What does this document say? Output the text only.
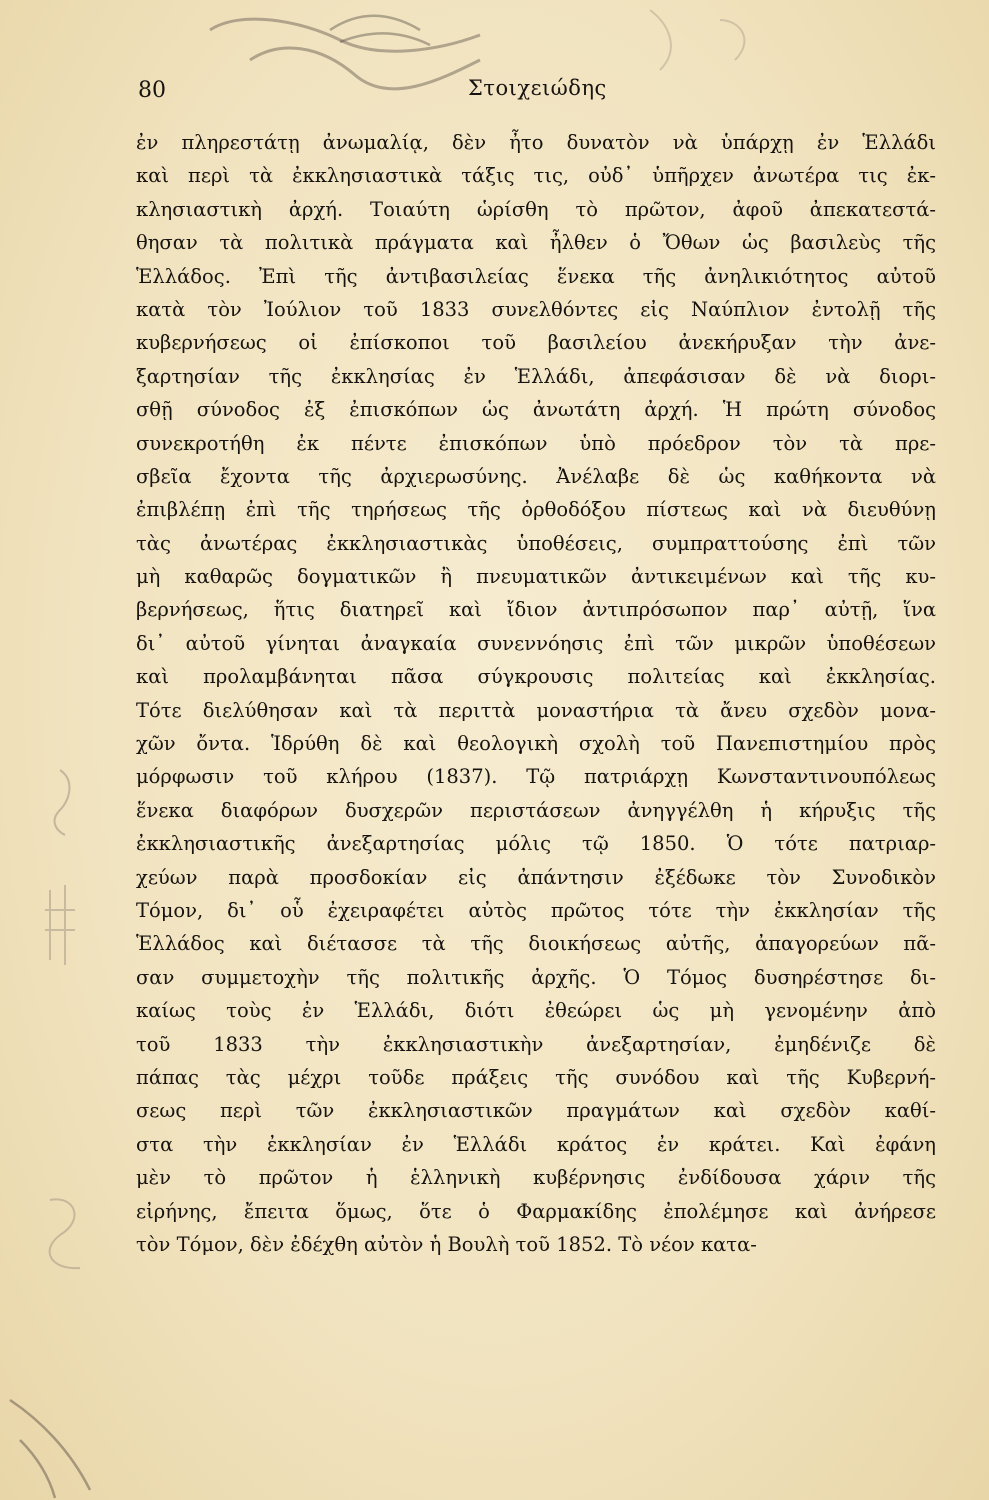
80	Στοιχειώδης
ἐν πληρεστάτῃ ἀνωμαλίᾳ, δὲν ἦτο δυνατὸν νὰ ὑπάρχῃ ἐν Ἑλλάδι
καὶ περὶ τὰ ἐκκλησιαστικὰ τάξις τις, οὐδ᾽ ὑπῆρχεν ἀνωτέρα τις ἐκ-
κλησιαστικὴ ἀρχή. Τοιαύτη ὡρίσθη τὸ πρῶτον, ἀφοῦ ἀπεκατεστά-
θησαν τὰ πολιτικὰ πράγματα καὶ ἦλθεν ὁ Ὄθων ὡς βασιλεὺς τῆς
Ἑλλάδος. Ἐπὶ τῆς ἀντιβασιλείας ἕνεκα τῆς ἀνηλικιότητος αὐτοῦ
κατὰ τὸν Ἰούλιον τοῦ 1833 συνελθόντες εἰς Ναύπλιον ἐντολῇ τῆς
κυβερνήσεως οἱ ἐπίσκοποι τοῦ βασιλείου ἀνεκήρυξαν τὴν ἀνε-
ξαρτησίαν τῆς ἐκκλησίας ἐν Ἑλλάδι, ἀπεφάσισαν δὲ νὰ διορι-
σθῇ σύνοδος ἐξ ἐπισκόπων ὡς ἀνωτάτη ἀρχή. Ἡ πρώτη σύνοδος
συνεκροτήθη ἐκ πέντε ἐπισκόπων ὑπὸ πρόεδρον τὸν τὰ πρε-
σβεῖα ἔχοντα τῆς ἀρχιερωσύνης. Ἀνέλαβε δὲ ὡς καθήκοντα νὰ
ἐπιβλέπῃ ἐπὶ τῆς τηρήσεως τῆς ὀρθοδόξου πίστεως καὶ νὰ διευθύνῃ
τὰς ἀνωτέρας ἐκκλησιαστικὰς ὑποθέσεις, συμπραττούσης ἐπὶ τῶν
μὴ καθαρῶς δογματικῶν ἢ πνευματικῶν ἀντικειμένων καὶ τῆς κυ-
βερνήσεως, ἥτις διατηρεῖ καὶ ἴδιον ἀντιπρόσωπον παρ᾽ αὐτῇ, ἵνα
δι᾽ αὐτοῦ γίνηται ἀναγκαία συνεννόησις ἐπὶ τῶν μικρῶν ὑποθέσεων
καὶ προλαμβάνηται πᾶσα σύγκρουσις πολιτείας καὶ ἐκκλησίας.
Τότε διελύθησαν καὶ τὰ περιττὰ μοναστήρια τὰ ἄνευ σχεδὸν μονα-
χῶν ὄντα. Ἱδρύθη δὲ καὶ θεολογικὴ σχολὴ τοῦ Πανεπιστημίου πρὸς
μόρφωσιν τοῦ κλήρου (1837). Τῷ πατριάρχῃ Κωνσταντινουπόλεως
ἕνεκα διαφόρων δυσχερῶν περιστάσεων ἀνηγγέλθη ἡ κήρυξις τῆς
ἐκκλησιαστικῆς ἀνεξαρτησίας μόλις τῷ 1850. Ὁ τότε πατριαρ-
χεύων παρὰ προσδοκίαν εἰς ἀπάντησιν ἐξέδωκε τὸν Συνοδικὸν
Τόμον, δι᾽ οὗ ἐχειραφέτει αὐτὸς πρῶτος τότε τὴν ἐκκλησίαν τῆς
Ἑλλάδος καὶ διέτασσε τὰ τῆς διοικήσεως αὐτῆς, ἀπαγορεύων πᾶ-
σαν συμμετοχὴν τῆς πολιτικῆς ἀρχῆς. Ὁ Τόμος δυσηρέστησε δι-
καίως τοὺς ἐν Ἑλλάδι, διότι ἐθεώρει ὡς μὴ γενομένην ἀπὸ
τοῦ 1833 τὴν ἐκκλησιαστικὴν ἀνεξαρτησίαν, ἐμηδένιζε δὲ
πάπας τὰς μέχρι τοῦδε πράξεις τῆς συνόδου καὶ τῆς Κυβερνή-
σεως περὶ τῶν ἐκκλησιαστικῶν πραγμάτων καὶ σχεδὸν καθί-
στα τὴν ἐκκλησίαν ἐν Ἑλλάδι κράτος ἐν κράτει. Καὶ ἐφάνη
μὲν τὸ πρῶτον ἡ ἑλληνικὴ κυβέρνησις ἐνδίδουσα χάριν τῆς
εἰρήνης, ἔπειτα ὅμως, ὅτε ὁ Φαρμακίδης ἐπολέμησε καὶ ἀνήρεσε
τὸν Τόμον, δὲν ἐδέχθη αὐτὸν ἡ Βουλὴ τοῦ 1852. Τὸ νέον κατα-
